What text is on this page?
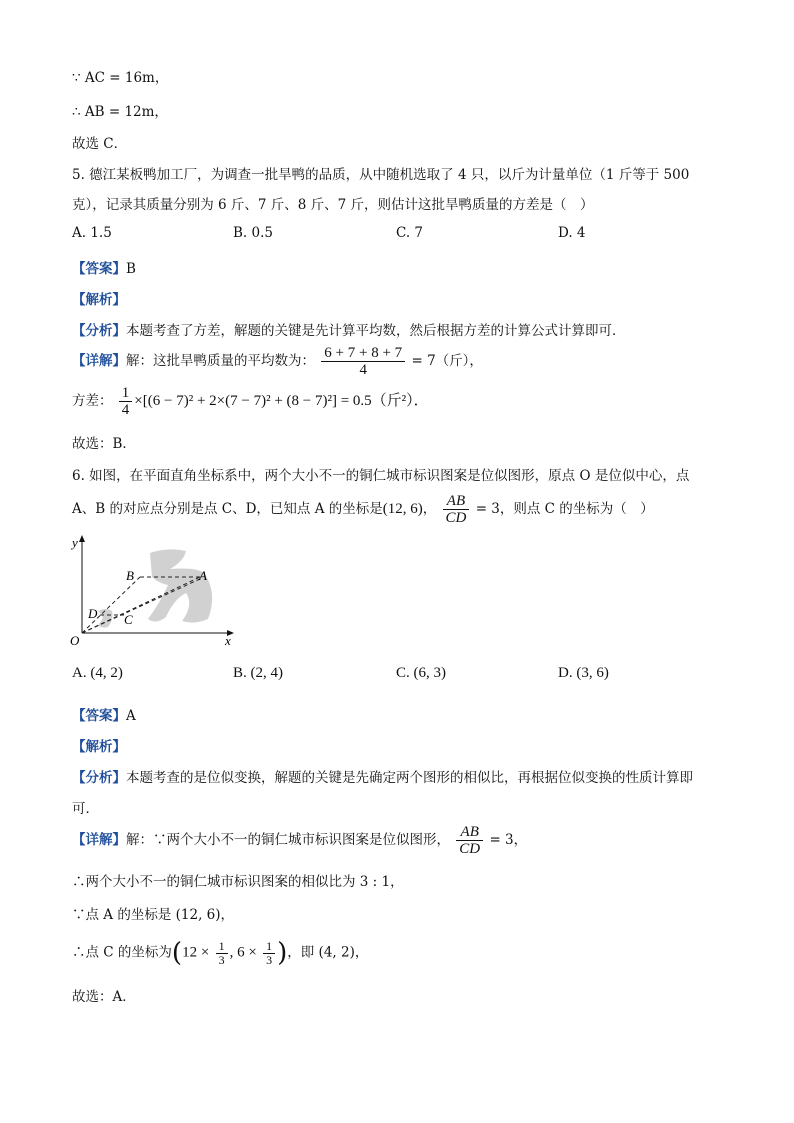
∵ AC = 16m，
∴ AB = 12m，
故选 C．
5. 德江某板鸭加工厂，为调查一批旱鸭的品质，从中随机选取了 4 只，以斤为计量单位（1 斤等于 500
克），记录其质量分别为 6 斤、7 斤、8 斤、7 斤，则估计这批旱鸭质量的方差是（　）
A. 1.5	B. 0.5	C. 7	D. 4
【答案】B
【解析】
【分析】本题考查了方差，解题的关键是先计算平均数，然后根据方差的计算公式计算即可．
【详解】解：这批旱鸭质量的平均数为： $\frac{6 + 7 + 8 + 7}{4} = 7$（斤），
方差： $\frac{1}{4} \times[(6 - 7)^2 + 2\times(7 - 7)^2 + (8 - 7)^2] = 0.5$（斤²）．
故选：B．
6. 如图，在平面直角坐标系中，两个大小不一的铜仁城市标识图案是位似图形，原点 O 是位似中心，点
A、B 的对应点分别是点 C、D，已知点 A 的坐标是(12, 6)， $\frac{AB}{CD} = 3$，则点 C 的坐标为（　）
y
x
O
A
B
C
D
A. (4, 2)	B. (2, 4)	C. (6, 3)	D. (3, 6)
【答案】A
【解析】
【分析】本题考查的是位似变换，解题的关键是先确定两个图形的相似比，再根据位似变换的性质计算即
可．
【详解】解：∵两个大小不一的铜仁城市标识图案是位似图形， $\frac{AB}{CD} = 3$，
∴两个大小不一的铜仁城市标识图案的相似比为 3 : 1，
∵点 A 的坐标是 (12, 6)，
∴点 C 的坐标为($12 \times \frac{1}{3}$ , $6 \times \frac{1}{3}$ )，即 (4, 2)，
故选：A．
